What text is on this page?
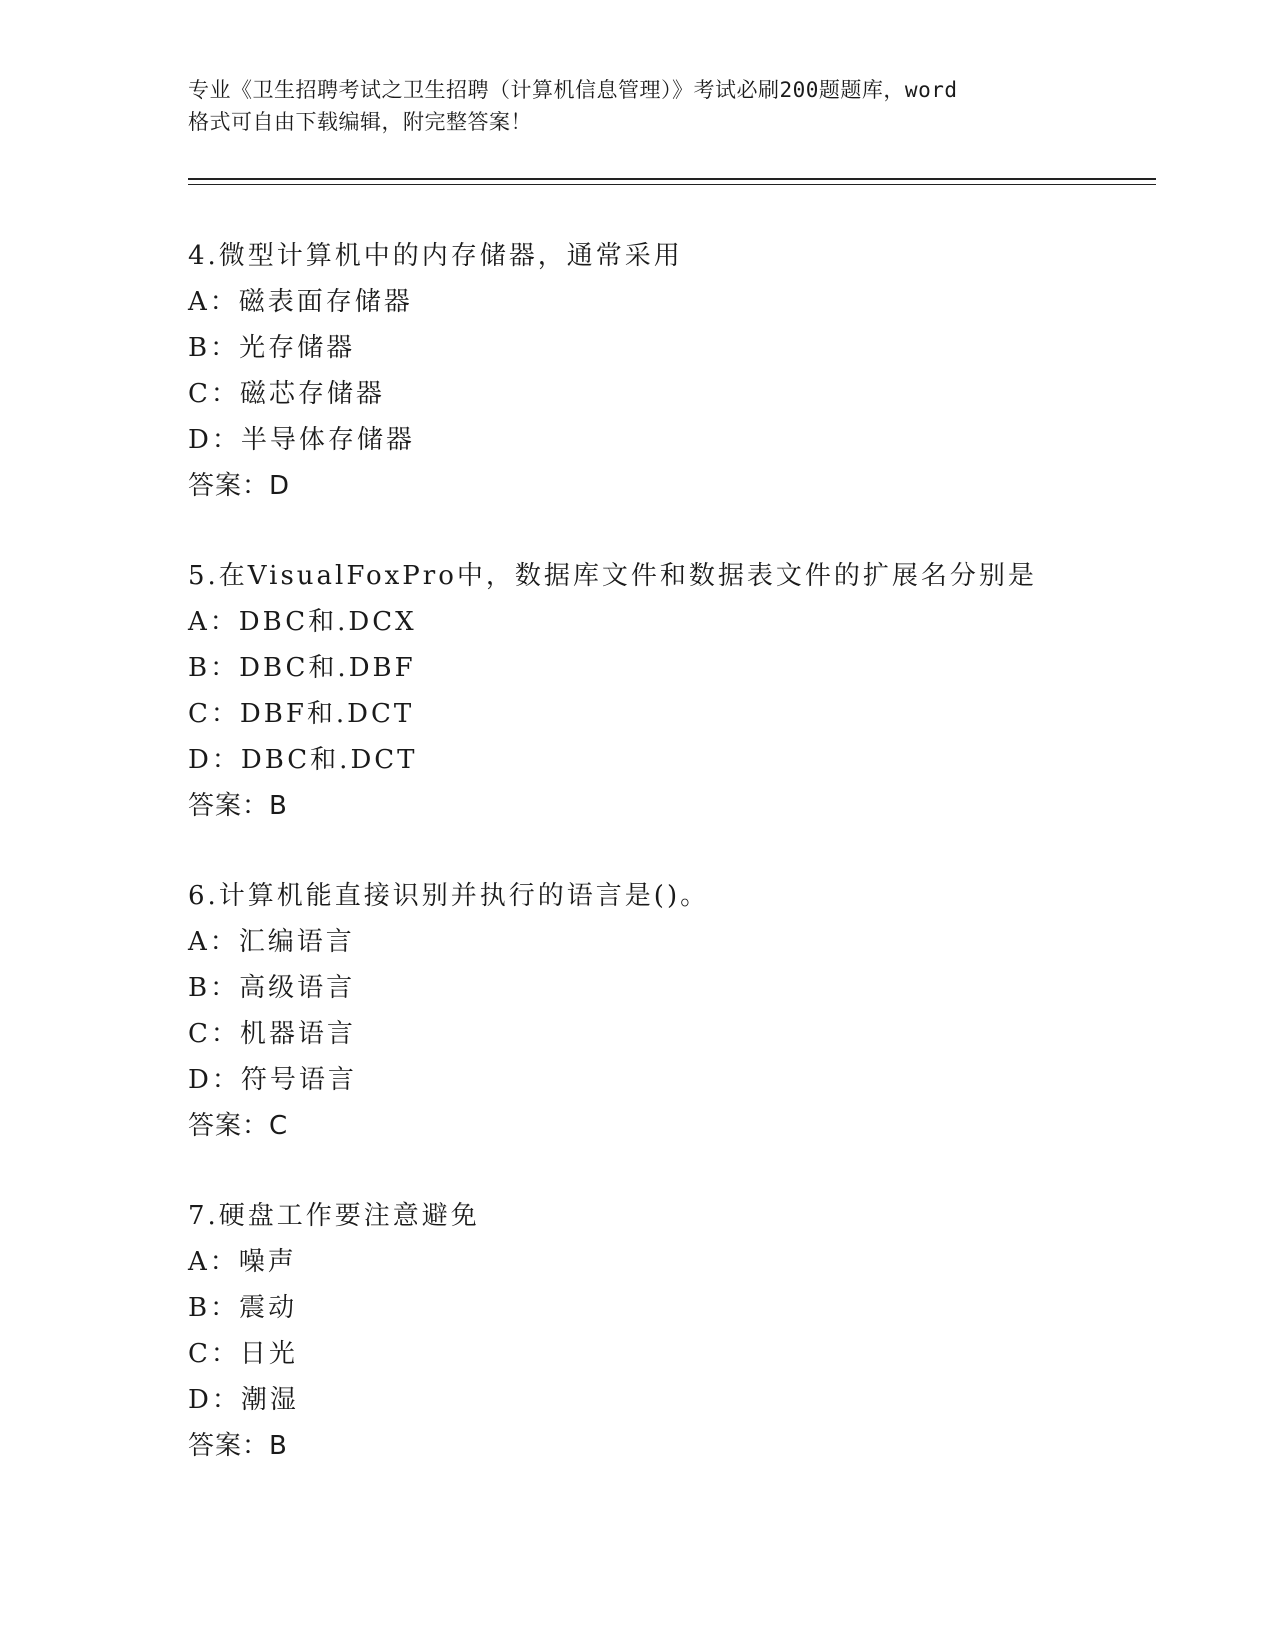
专业《卫生招聘考试之卫生招聘（计算机信息管理）》考试必刷200题题库，word
格式可自由下载编辑，附完整答案！
4.微型计算机中的内存储器，通常采用
A：磁表面存储器
B：光存储器
C：磁芯存储器
D：半导体存储器
答案：D
5.在VisualFoxPro中，数据库文件和数据表文件的扩展名分别是
A：DBC和.DCX
B：DBC和.DBF
C：DBF和.DCT
D：DBC和.DCT
答案：B
6.计算机能直接识别并执行的语言是()。
A：汇编语言
B：高级语言
C：机器语言
D：符号语言
答案：C
7.硬盘工作要注意避免
A：噪声
B：震动
C：日光
D：潮湿
答案：B
